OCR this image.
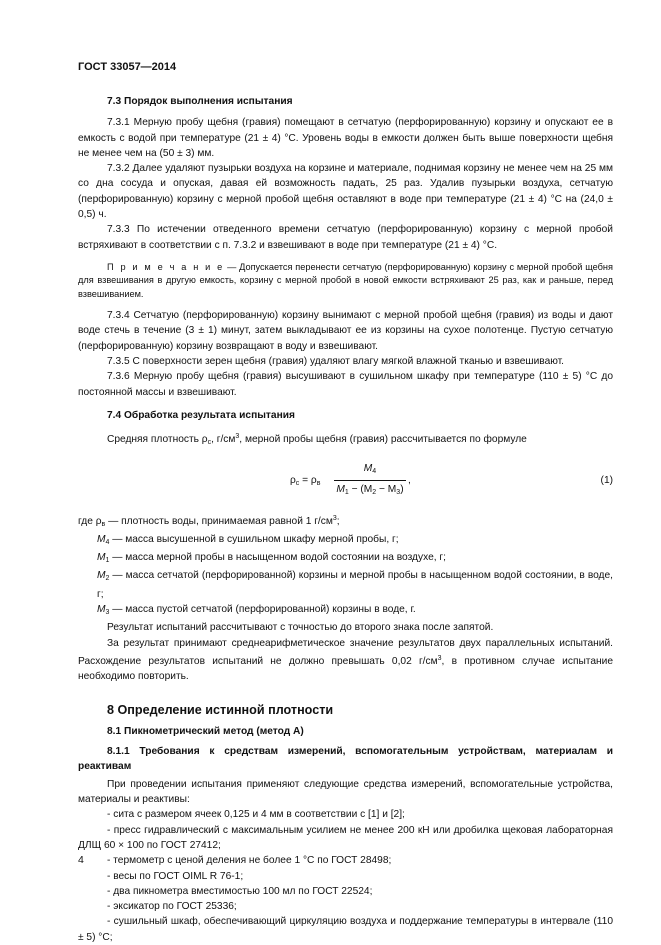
ГОСТ 33057—2014

7.3 Порядок выполнения испытания

7.3.1 Мерную пробу щебня (гравия) помещают в сетчатую (перфорированную) корзину и опускают ее в емкость с водой при температуре (21 ± 4) °С. Уровень воды в емкости должен быть выше поверхности щебня не менее чем на (50 ± 3) мм.

7.3.2 Далее удаляют пузырьки воздуха на корзине и материале, поднимая корзину не менее чем на 25 мм со дна сосуда и опуская, давая ей возможность падать, 25 раз. Удалив пузырьки воздуха, сетчатую (перфорированную) корзину с мерной пробой щебня оставляют в воде при температуре (21 ± 4) °С на (24,0 ± 0,5) ч.

7.3.3 По истечении отведенного времени сетчатую (перфорированную) корзину с мерной пробой встряхивают в соответствии с п. 7.3.2 и взвешивают в воде при температуре (21 ± 4) °С.

П р и м е ч а н и е — Допускается перенести сетчатую (перфорированную) корзину с мерной пробой щебня для взвешивания в другую емкость, корзину с мерной пробой в новой емкости встряхивают 25 раз, как и раньше, перед взвешиванием.

7.3.4 Сетчатую (перфорированную) корзину вынимают с мерной пробой щебня (гравия) из воды и дают воде стечь в течение (3 ± 1) минут, затем выкладывают ее из корзины на сухое полотенце. Пустую сетчатую (перфорированную) корзину возвращают в воду и взвешивают.

7.3.5 С поверхности зерен щебня (гравия) удаляют влагу мягкой влажной тканью и взвешивают.

7.3.6 Мерную пробу щебня (гравия) высушивают в сушильном шкафу при температуре (110 ± 5) °С до постоянной массы и взвешивают.

7.4 Обработка результата испытания

Средняя плотность $\rho_с$, $г/см^3$, мерной пробы щебня (гравия) рассчитывается по формуле

$\rho_с = \rho_в \frac{M_4}{M_1 - (M_2 - M_3)}$ ,	(1)

где $\rho_в$ — плотность воды, принимаемая равной 1 $г/см^3$;

$M_4$ — масса высушенной в сушильном шкафу мерной пробы, г;

$M_1$ — масса мерной пробы в насыщенном водой состоянии на воздухе, г;

$M_2$ — масса сетчатой (перфорированной) корзины и мерной пробы в насыщенном водой состоянии, в воде, г;

$M_3$ — масса пустой сетчатой (перфорированной) корзины в воде, г.

Результат испытаний рассчитывают с точностью до второго знака после запятой.

За результат принимают среднеарифметическое значение результатов двух параллельных испытаний. Расхождение результатов испытаний не должно превышать 0,02 $г/см^3$, в противном случае испытание необходимо повторить.

8 Определение истинной плотности

8.1 Пикнометрический метод (метод А)

8.1.1 Требования к средствам измерений, вспомогательным устройствам, материалам и реактивам

При проведении испытания применяют следующие средства измерений, вспомогательные устройства, материалы и реактивы:

- сита с размером ячеек 0,125 и 4 мм в соответствии с [1] и [2];

- пресс гидравлический с максимальным усилием не менее 200 кН или дробилка щековая лабораторная ДЛЩ 60 × 100 по ГОСТ 27412;

- термометр с ценой деления не более 1 °С по ГОСТ 28498;

- весы по ГОСТ OIML R 76-1;

- два пикнометра вместимостью 100 мл по ГОСТ 22524;

- эксикатор по ГОСТ 25336;

- сушильный шкаф, обеспечивающий циркуляцию воздуха и поддержание температуры в интервале (110 ± 5) °С;

4
